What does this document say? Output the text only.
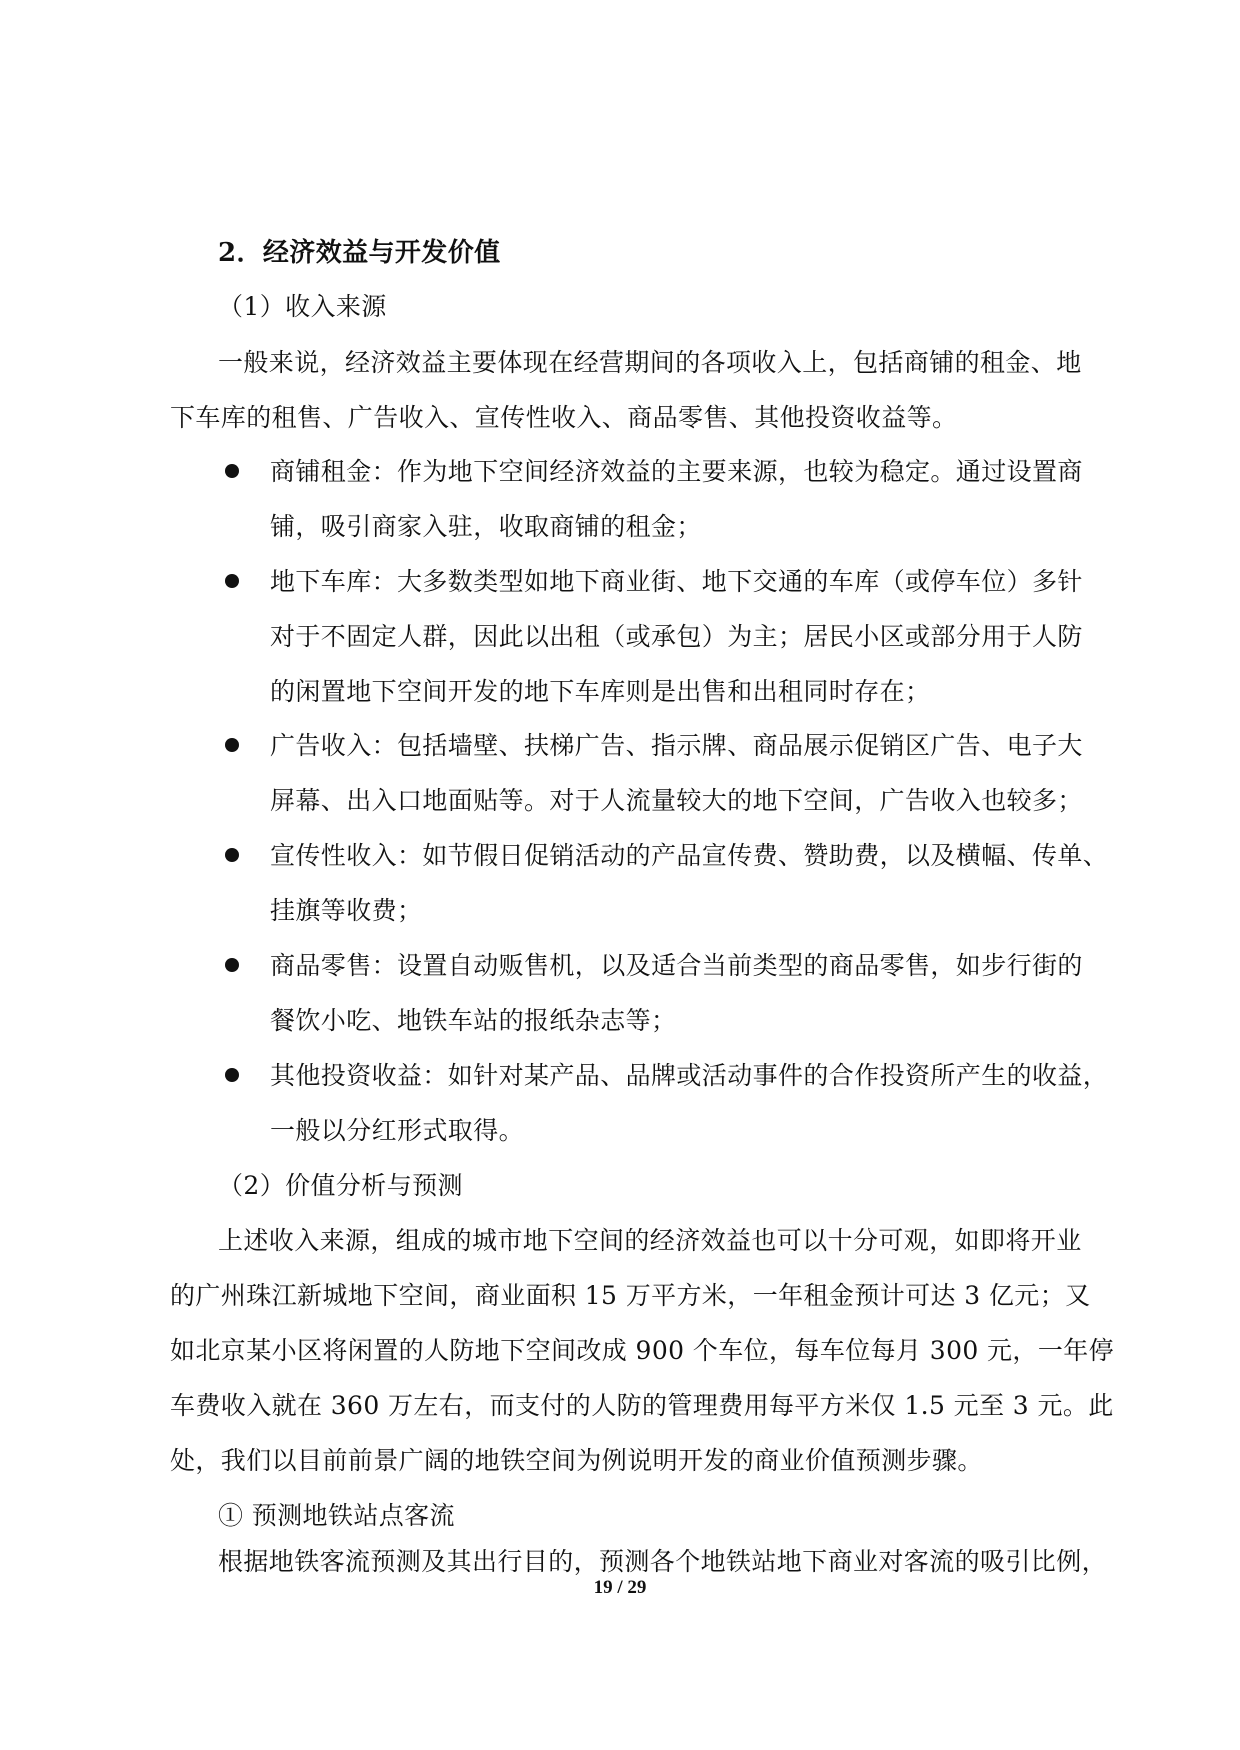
2．经济效益与开发价值
（1）收入来源
一般来说，经济效益主要体现在经营期间的各项收入上，包括商铺的租金、地
下车库的租售、广告收入、宣传性收入、商品零售、其他投资收益等。
商铺租金：作为地下空间经济效益的主要来源，也较为稳定。通过设置商
铺，吸引商家入驻，收取商铺的租金；
地下车库：大多数类型如地下商业街、地下交通的车库（或停车位）多针
对于不固定人群，因此以出租（或承包）为主；居民小区或部分用于人防
的闲置地下空间开发的地下车库则是出售和出租同时存在；
广告收入：包括墙壁、扶梯广告、指示牌、商品展示促销区广告、电子大
屏幕、出入口地面贴等。对于人流量较大的地下空间，广告收入也较多；
宣传性收入：如节假日促销活动的产品宣传费、赞助费，以及横幅、传单、
挂旗等收费；
商品零售：设置自动贩售机，以及适合当前类型的商品零售，如步行街的
餐饮小吃、地铁车站的报纸杂志等；
其他投资收益：如针对某产品、品牌或活动事件的合作投资所产生的收益，
一般以分红形式取得。
（2）价值分析与预测
上述收入来源，组成的城市地下空间的经济效益也可以十分可观，如即将开业
的广州珠江新城地下空间，商业面积 15 万平方米，一年租金预计可达 3 亿元；又
如北京某小区将闲置的人防地下空间改成 900 个车位，每车位每月 300 元，一年停
车费收入就在 360 万左右，而支付的人防的管理费用每平方米仅 1.5 元至 3 元。此
处，我们以目前前景广阔的地铁空间为例说明开发的商业价值预测步骤。
① 预测地铁站点客流
根据地铁客流预测及其出行目的，预测各个地铁站地下商业对客流的吸引比例，
19 / 29
